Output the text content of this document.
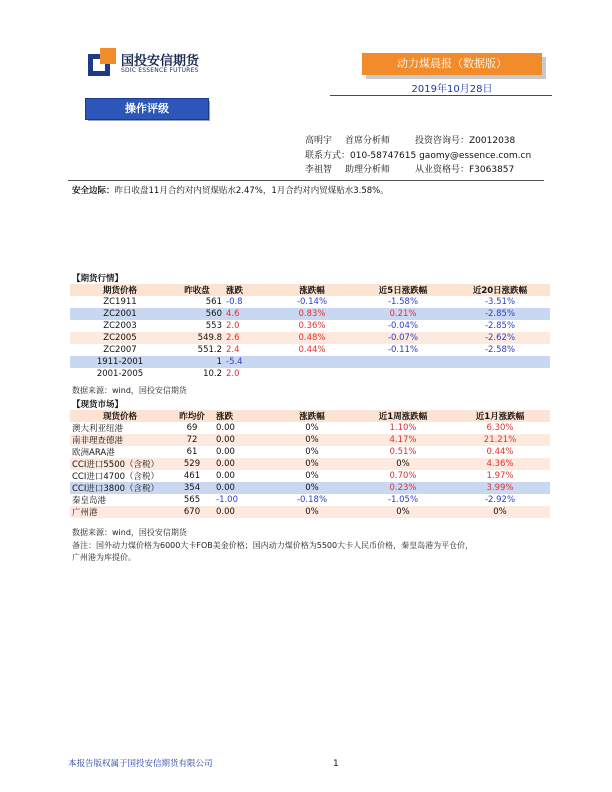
国投安信期货
SDIC ESSENCE FUTURES
动力煤晨报（数据版）
2019年10月28日
操作评级
高明宇 首席分析师	投资咨询号：Z0012038
联系方式：010-58747615 gaomy@essence.com.cn
李祖智 助理分析师	从业资格号：F3063857
安全边际：昨日收盘11月合约对内贸煤贴水2.47%，1月合约对内贸煤贴水3.58%。
【期货行情】
期货价格	昨收盘	涨跌	涨跌幅	近5日涨跌幅	近20日涨跌幅
ZC1911	561	-0.8	-0.14%	-1.58%	-3.51%
ZC2001	560	4.6	0.83%	0.21%	-2.85%
ZC2003	553	2.0	0.36%	-0.04%	-2.85%
ZC2005	549.8	2.6	0.48%	-0.07%	-2.62%
ZC2007	551.2	2.4	0.44%	-0.11%	-2.58%
1911-2001	1	-5.4			
2001-2005	10.2	2.0			
数据来源：wind，国投安信期货
【现货市场】
现货价格	昨均价	涨跌	涨跌幅	近1周涨跌幅	近1月涨跌幅
澳大利亚纽港	69	0.00	0%	1.10%	6.30%
南非理查德港	72	0.00	0%	4.17%	21.21%
欧洲ARA港	61	0.00	0%	0.51%	0.44%
CCI进口5500（含税）	529	0.00	0%	0%	4.36%
CCI进口4700（含税）	461	0.00	0%	0.70%	1.97%
CCI进口3800（含税）	354	0.00	0%	0.23%	3.99%
秦皇岛港	565	-1.00	-0.18%	-1.05%	-2.92%
广州港	670	0.00	0%	0%	0%
数据来源：wind，国投安信期货
备注：国外动力煤价格为6000大卡FOB美金价格；国内动力煤价格为5500大卡人民币价格，秦皇岛港为平仓价，
广州港为库提价。
本报告版权属于国投安信期货有限公司	1
